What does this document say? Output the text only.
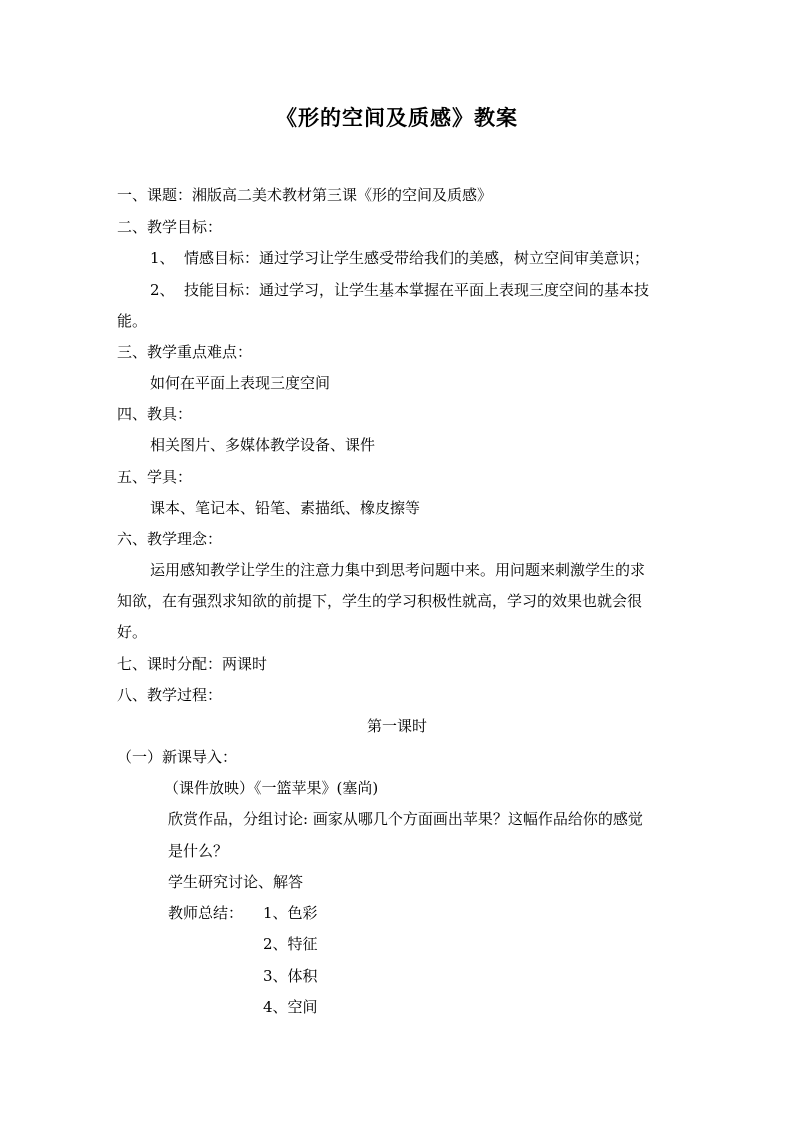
《形的空间及质感》教案
一、课题：湘版高二美术教材第三课《形的空间及质感》
二、教学目标：
1、 情感目标：通过学习让学生感受带给我们的美感，树立空间审美意识；
2、 技能目标：通过学习，让学生基本掌握在平面上表现三度空间的基本技
能。
三、教学重点难点：
如何在平面上表现三度空间
四、教具：
相关图片、多媒体教学设备、课件
五、学具：
课本、笔记本、铅笔、素描纸、橡皮擦等
六、教学理念：
运用感知教学让学生的注意力集中到思考问题中来。用问题来刺激学生的求
知欲，在有强烈求知欲的前提下，学生的学习积极性就高，学习的效果也就会很
好。
七、课时分配：两课时
八、教学过程：
第一课时
（一）新课导入：
（课件放映）《一篮苹果》(塞尚)
欣赏作品，分组讨论: 画家从哪几个方面画出苹果？这幅作品给你的感觉
是什么？
学生研究讨论、解答
教师总结： 1、色彩
2、特征
3、体积
4、空间
